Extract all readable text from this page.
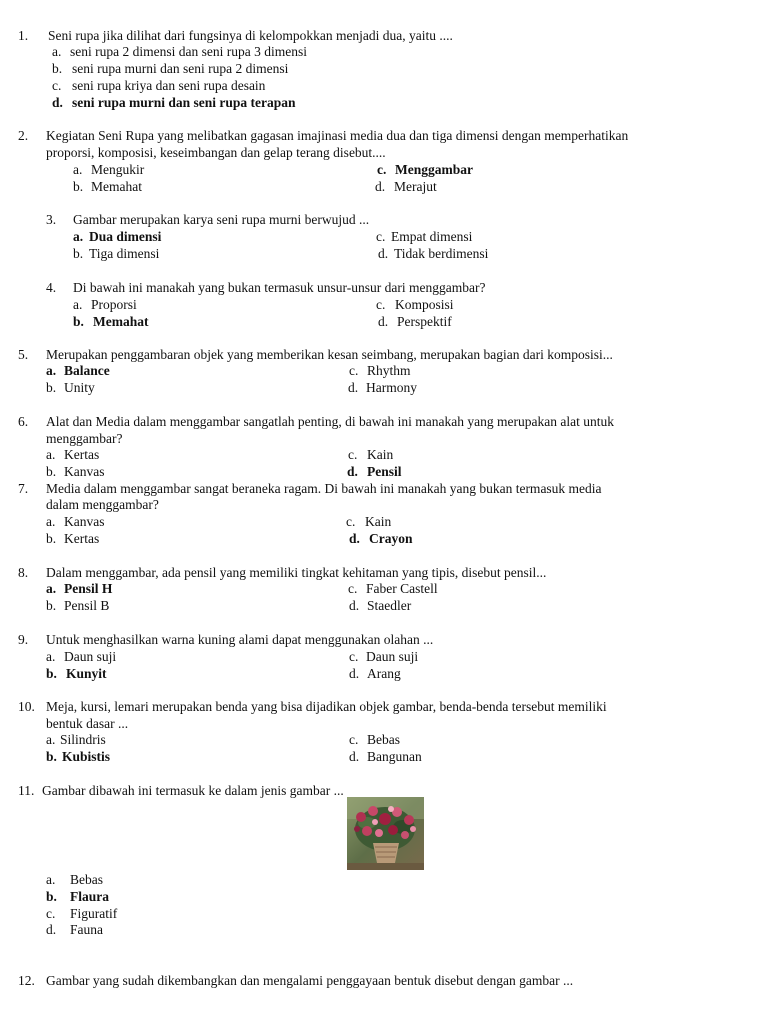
1. Seni rupa jika dilihat dari fungsinya di kelompokkan menjadi dua, yaitu ....
a. seni rupa 2 dimensi dan seni rupa 3 dimensi
b. seni rupa murni dan seni rupa 2 dimensi
c. seni rupa kriya dan seni rupa desain
d. seni rupa murni dan seni rupa terapan
2. Kegiatan Seni Rupa yang melibatkan gagasan imajinasi media dua dan tiga dimensi dengan memperhatikan
proporsi, komposisi, keseimbangan dan gelap terang disebut....
a. Mengukir	c. Menggambar
b. Memahat	d. Merajut
3. Gambar merupakan karya seni rupa murni berwujud ...
a. Dua dimensi	c. Empat dimensi
b. Tiga dimensi	d. Tidak berdimensi
4. Di bawah ini manakah yang bukan termasuk unsur-unsur dari menggambar?
a. Proporsi	c. Komposisi
b. Memahat	d. Perspektif
5. Merupakan penggambaran objek yang memberikan kesan seimbang, merupakan bagian dari komposisi...
a. Balance	c. Rhythm
b. Unity	d. Harmony
6. Alat dan Media dalam menggambar sangatlah penting, di bawah ini manakah yang merupakan alat untuk
menggambar?
a. Kertas	c. Kain
b. Kanvas	d. Pensil
7. Media dalam menggambar sangat beraneka ragam. Di bawah ini manakah yang bukan termasuk media
dalam menggambar?
a. Kanvas	c. Kain
b. Kertas	d. Crayon
8. Dalam menggambar, ada pensil yang memiliki tingkat kehitaman yang tipis, disebut pensil...
a. Pensil H	c. Faber Castell
b. Pensil B	d. Staedler
9. Untuk menghasilkan warna kuning alami dapat menggunakan olahan ...
a. Daun suji	c. Daun suji
b. Kunyit	d. Arang
10. Meja, kursi, lemari merupakan benda yang bisa dijadikan objek gambar, benda-benda tersebut memiliki
bentuk dasar ...
a. Silindris	c. Bebas
b. Kubistis	d. Bangunan
11. Gambar dibawah ini termasuk ke dalam jenis gambar ...
a. Bebas
b. Flaura
c. Figuratif
d. Fauna
12. Gambar yang sudah dikembangkan dan mengalami penggayaan bentuk disebut dengan gambar ...
